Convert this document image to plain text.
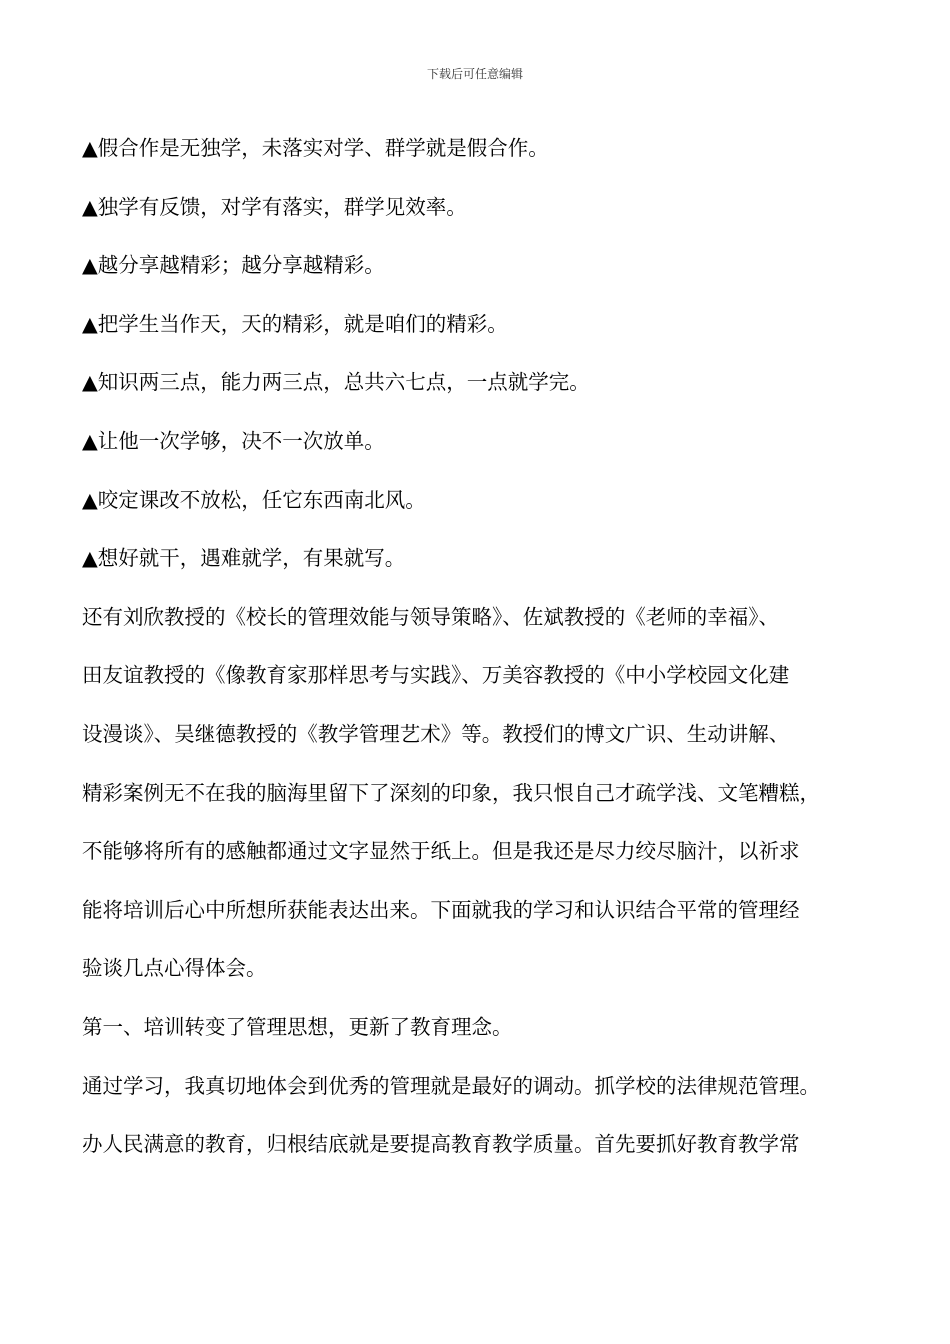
下载后可任意编辑
▲假合作是无独学，未落实对学、群学就是假合作。
▲独学有反馈，对学有落实，群学见效率。
▲越分享越精彩；越分享越精彩。
▲把学生当作天，天的精彩，就是咱们的精彩。
▲知识两三点，能力两三点，总共六七点，一点就学完。
▲让他一次学够，决不一次放单。
▲咬定课改不放松，任它东西南北风。
▲想好就干，遇难就学，有果就写。
还有刘欣教授的《校长的管理效能与领导策略》、佐斌教授的《老师的幸福》、
田友谊教授的《像教育家那样思考与实践》、万美容教授的《中小学校园文化建
设漫谈》、吴继德教授的《教学管理艺术》等。教授们的博文广识、生动讲解、
精彩案例无不在我的脑海里留下了深刻的印象，我只恨自己才疏学浅、文笔糟糕，
不能够将所有的感触都通过文字显然于纸上。但是我还是尽力绞尽脑汁，以祈求
能将培训后心中所想所获能表达出来。下面就我的学习和认识结合平常的管理经
验谈几点心得体会。
第一、培训转变了管理思想，更新了教育理念。
通过学习，我真切地体会到优秀的管理就是最好的调动。抓学校的法律规范管理。
办人民满意的教育，归根结底就是要提高教育教学质量。首先要抓好教育教学常
